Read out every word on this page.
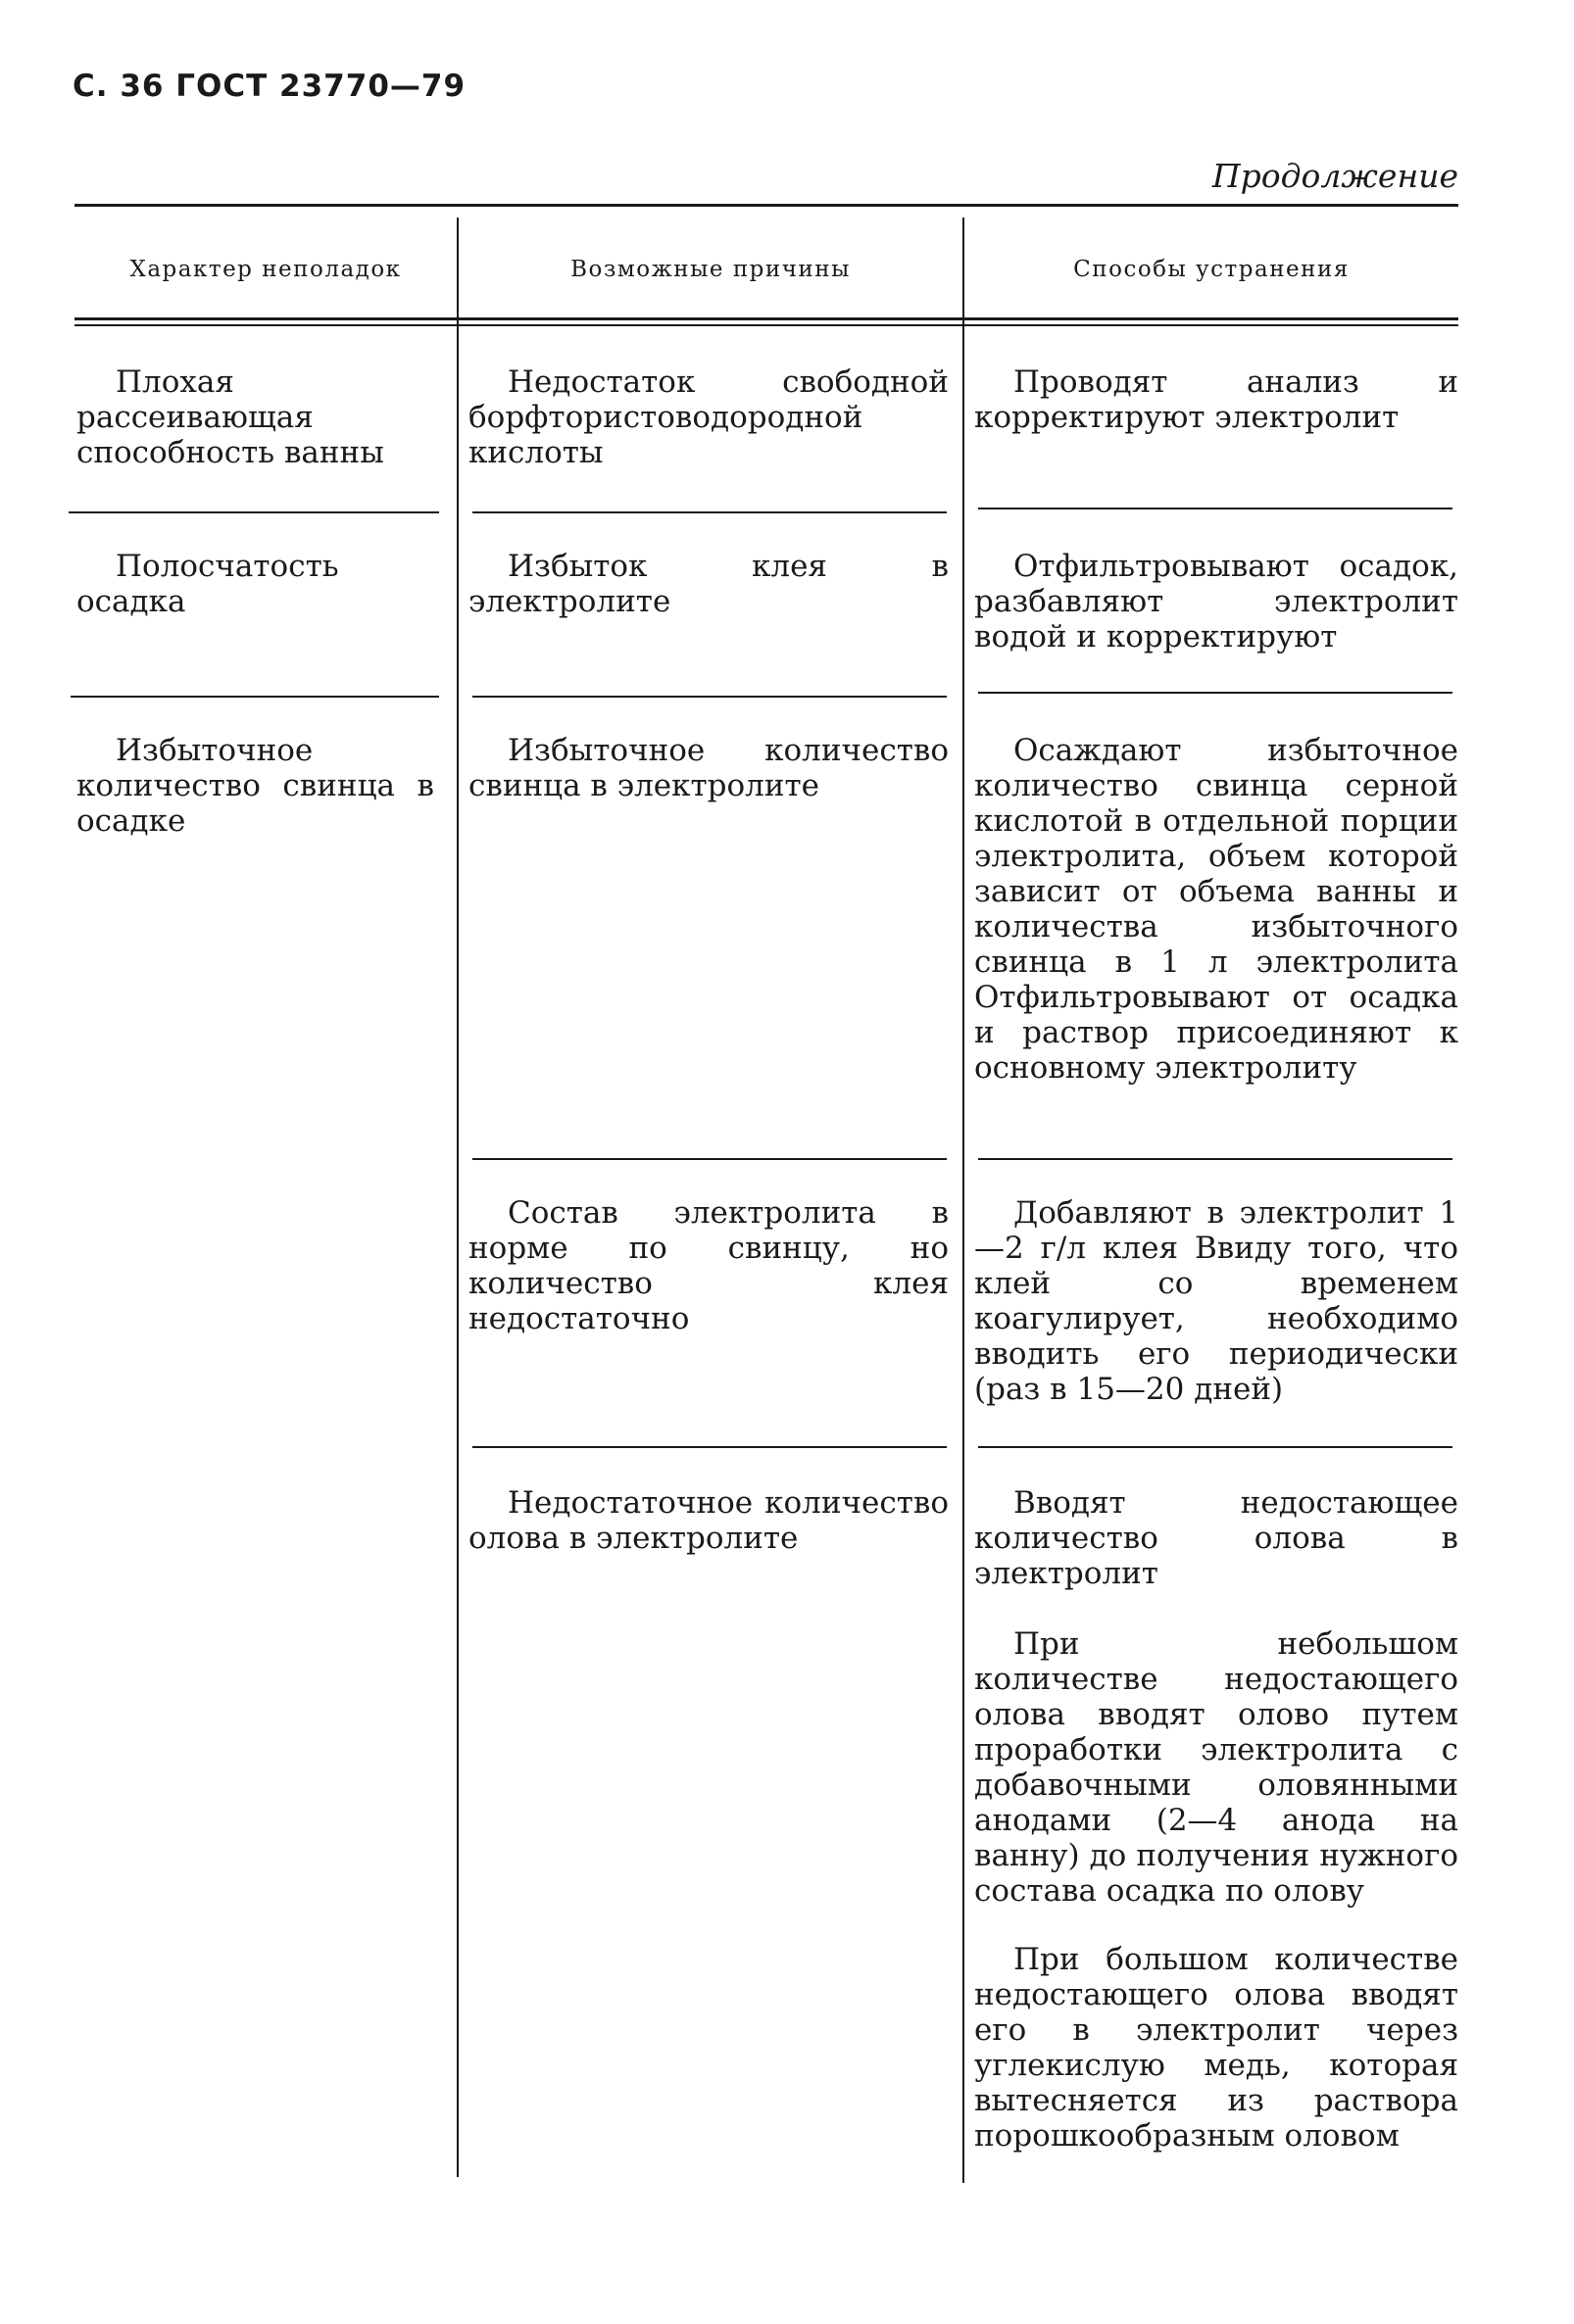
С. 36 ГОСТ 23770—79
Продолжение
Характер неполадок	Возможные причины	Способы устранения

Плохая рассеивающая способность ванны

Недостаток свободной борфтористоводородной кислоты

Проводят анализ и корректируют электролит

Полосчатость осадка

Избыток клея в электролите

Отфильтровывают осадок, разбавляют электролит водой и корректируют

Избыточное количество свинца в осадке

Избыточное количество свинца в электролите

Осаждают избыточное количество свинца серной кислотой в отдельной порции электролита, объем которой зависит от объема ванны и количества избыточного свинца в 1 л электролита Отфильтровывают от осадка и раствор присоединяют к основному электролиту

Состав электролита в норме по свинцу, но количество клея недостаточно

Добавляют в электролит 1—2 г/л клея Ввиду того, что клей со временем коагулирует, необходимо вводить его периодически (раз в 15—20 дней)

Недостаточное количество олова в электролите

Вводят недостающее количество олова в электролит

При небольшом количестве недостающего олова вводят олово путем проработки электролита с добавочными оловянными анодами (2—4 анода на ванну) до получения нужного состава осадка по олову

При большом количестве недостающего олова вводят его в электролит через углекислую медь, которая вытесняется из раствора порошкообразным оловом
